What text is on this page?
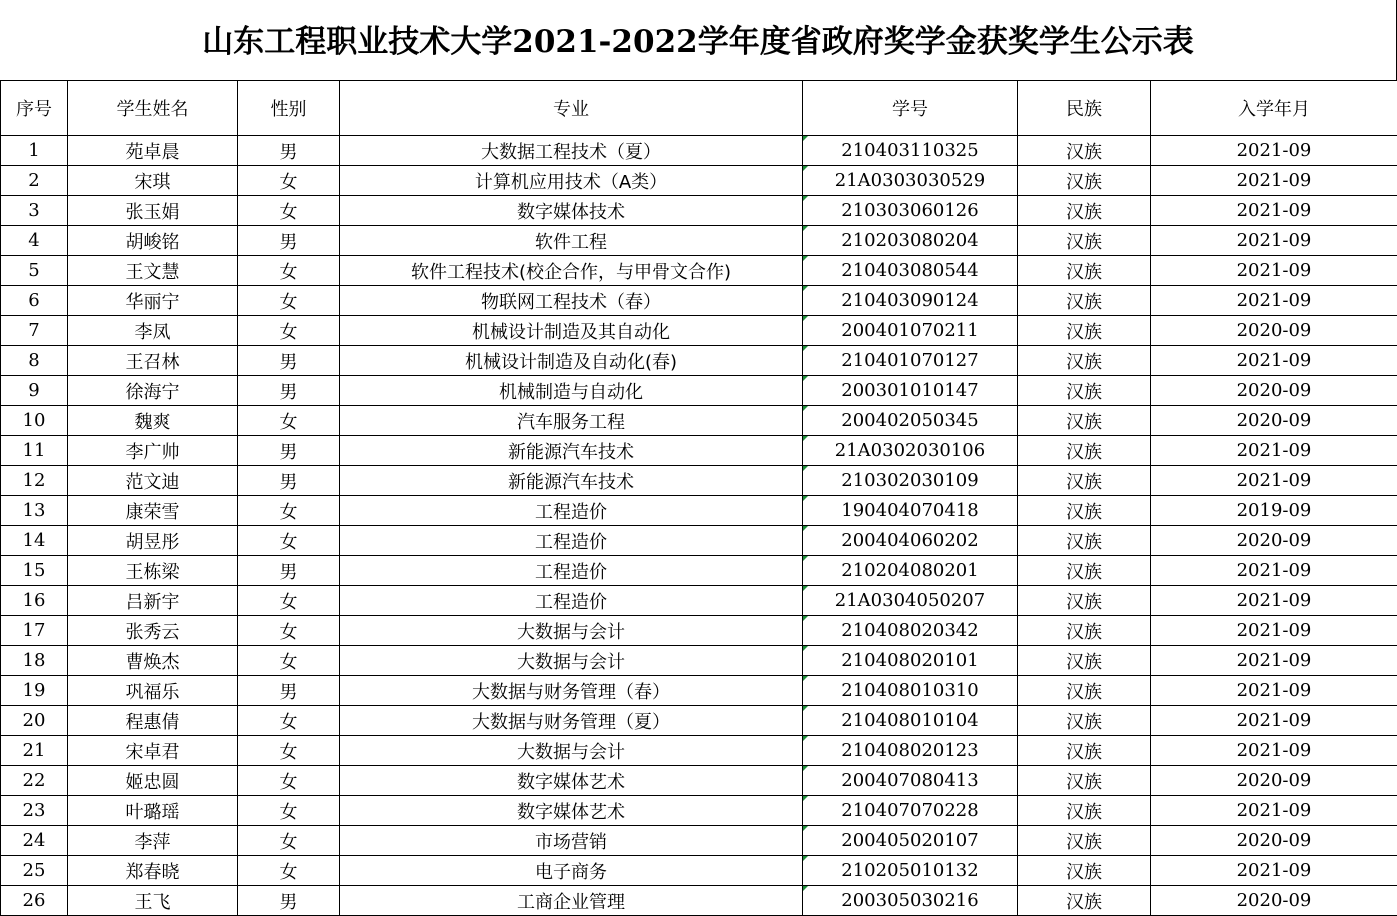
山东工程职业技术大学2021-2022学年度省政府奖学金获奖学生公示表
序号	学生姓名	性别	专业	学号	民族	入学年月
1	苑卓晨	男	大数据工程技术（夏）	210403110325	汉族	2021-09
2	宋琪	女	计算机应用技术（A类）	21A0303030529	汉族	2021-09
3	张玉娟	女	数字媒体技术	210303060126	汉族	2021-09
4	胡峻铭	男	软件工程	210203080204	汉族	2021-09
5	王文慧	女	软件工程技术(校企合作，与甲骨文合作)	210403080544	汉族	2021-09
6	华丽宁	女	物联网工程技术（春）	210403090124	汉族	2021-09
7	李凤	女	机械设计制造及其自动化	200401070211	汉族	2020-09
8	王召林	男	机械设计制造及自动化(春)	210401070127	汉族	2021-09
9	徐海宁	男	机械制造与自动化	200301010147	汉族	2020-09
10	魏爽	女	汽车服务工程	200402050345	汉族	2020-09
11	李广帅	男	新能源汽车技术	21A0302030106	汉族	2021-09
12	范文迪	男	新能源汽车技术	210302030109	汉族	2021-09
13	康荣雪	女	工程造价	190404070418	汉族	2019-09
14	胡昱彤	女	工程造价	200404060202	汉族	2020-09
15	王栋梁	男	工程造价	210204080201	汉族	2021-09
16	吕新宇	女	工程造价	21A0304050207	汉族	2021-09
17	张秀云	女	大数据与会计	210408020342	汉族	2021-09
18	曹焕杰	女	大数据与会计	210408020101	汉族	2021-09
19	巩福乐	男	大数据与财务管理（春）	210408010310	汉族	2021-09
20	程惠倩	女	大数据与财务管理（夏）	210408010104	汉族	2021-09
21	宋卓君	女	大数据与会计	210408020123	汉族	2021-09
22	姬忠圆	女	数字媒体艺术	200407080413	汉族	2020-09
23	叶璐瑶	女	数字媒体艺术	210407070228	汉族	2021-09
24	李萍	女	市场营销	200405020107	汉族	2020-09
25	郑春晓	女	电子商务	210205010132	汉族	2021-09
26	王飞	男	工商企业管理	200305030216	汉族	2020-09
